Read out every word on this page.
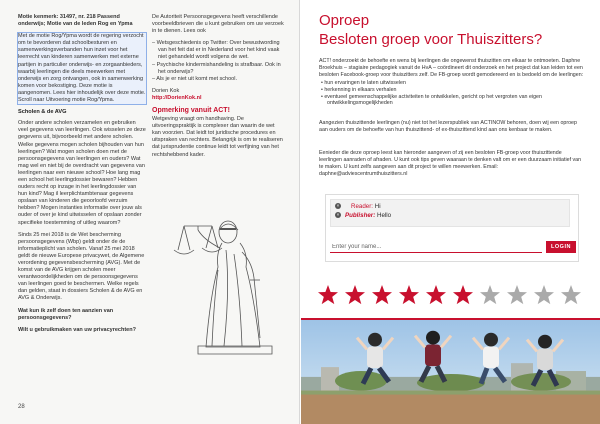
Motie kenmerk: 31497, nr. 218 Passend onderwijs; Motie van de leden Rog en Ypma

Met de motie Rog/Ypma wordt de regering verzocht om te bevorderen dat schoolbesturen en samenwerkingsverbanden hun inzet voor het leerrecht van kinderen samenwerken met externe partijen in particulier onderwijs- en zorgaanbieders, waarbij leerlingen die deels meewerken met onderwijs en zorg ontvangen, ook in samenwerking komen voor bekostiging. Deze motie is aangenomen. Lees hier inhoudelijk over deze motie. Scroll naar Uitvoering motie Rog/Ypma.

Scholen & de AVG

Onder andere scholen verzamelen en gebruiken veel gegevens van leerlingen. Ook wisselen ze deze gegevens uit, bijvoorbeeld met andere scholen. Welke gegevens mogen scholen bijhouden van hun leerlingen? Wat mogen scholen doen met de persoonsgegevens van leerlingen en ouders? Wat mag wel en niet bij de overdracht van gegevens van leerlingen naar een nieuwe school? Hoe lang mag een school het leerlingdossier bewaren? Hebben ouders recht op inzage in het leerlingdossier van hun kind? Mag il leerplichtambtenaar gegevens opslaan van kinderen die geoorloofd verzuim hebben? Mogen instanties informatie over jouw als ouder of over je kind uitwisselen of opslaan zonder specifieke toestemming of uitleg waarom?

Sinds 25 mei 2018 is de Wet bescherming persoonsgegevens (Wbp) geldt onder de de informatieplicht van scholen. Vanaf 25 mei 2018 geldt de nieuwe Europese privacywet, de Algemene verordening gegevensbescherming (AVG). Met de komst van de AVG krijgen scholen meer verantwoordelijkheden om de persoonsgegevens van leerlingen goed te beschermen. Welke regels dan gelden, staat in dossiers Scholen & de AVG en AVG & Onderwijs.

Wat kun ik zelf doen ten aanzien van persoonsgegevens?

Wilt u gebruikmaken van uw privacyrechten?

De Autoriteit Persoonsgegevens heeft verschillende voorbeeldbrieven die u kunt gebruiken om uw verzoek in te dienen. Lees ook

– Wetsgeschiedenis op Twitter: Over bewustwording van het feit dat er in Nederland voor het kind vaak niet gehandeld wordt volgens de wet.
– Psychische kindermishandeling is strafbaar. Ook in het onderwijs?
– Als je er niet uit komt met school.

Dorien Kok

http://DorienKok.nl

Opmerking vanuit ACT!

Wetgeving vraagt om handhaving. De uitvoeringspraktijk is complexer dan waarin de wet kan voorzien. Dat leidt tot juridische procedures en uitspraken van rechters. Belangrijk is om te realiseren dat jurisprudentie continue leidt tot verfijning van het rechtshebbend kader.

28
Oproep
Besloten groep voor Thuiszitters?

ACT! onderzoekt de behoefte en wens bij leerlingen die ongewenst thuiszitten om elkaar te ontmoeten. Daphne Broekhuis – stagiaire pedagogiek vanuit de HvA – coördineert dit onderzoek en het project dat kan leiden tot een besloten Facebook-groep voor thuiszitters zelf. De FB-groep wordt gemodereerd en is bedoeld om de leerlingen:

• hun ervaringen te laten uitwisselen
• herkenning in elkaars verhalen
• eventueel gemeenschappelijke activiteiten te ontwikkelen, gericht op het vergroten van eigen ontwikkelingsmogelijkheden

Aangezien thuiszittende leerlingen (nu) niet tot het lezerspubliek van ACTINOW behoren, doen wij een oproep aan ouders om de behoefte van hun thuiszittend- of ex-thuiszittend kind aan ons kenbaar te maken.

Eenieder die deze oproep leest kan hieronder aangeven of zij een besloten FB-groep voor thuiszittende leerlingen aanraden of afraden. U kunt ook tips geven waaraan te denken valt om er een duurzaam initiatief van te maken. U kunt zelfs aangeven aan dit project te willen meewerken. Email: daphne@adviescentrumthuiszitters.nl

× Reader: Hi
× Publisher: Hello
Enter your name...
LOGIN
